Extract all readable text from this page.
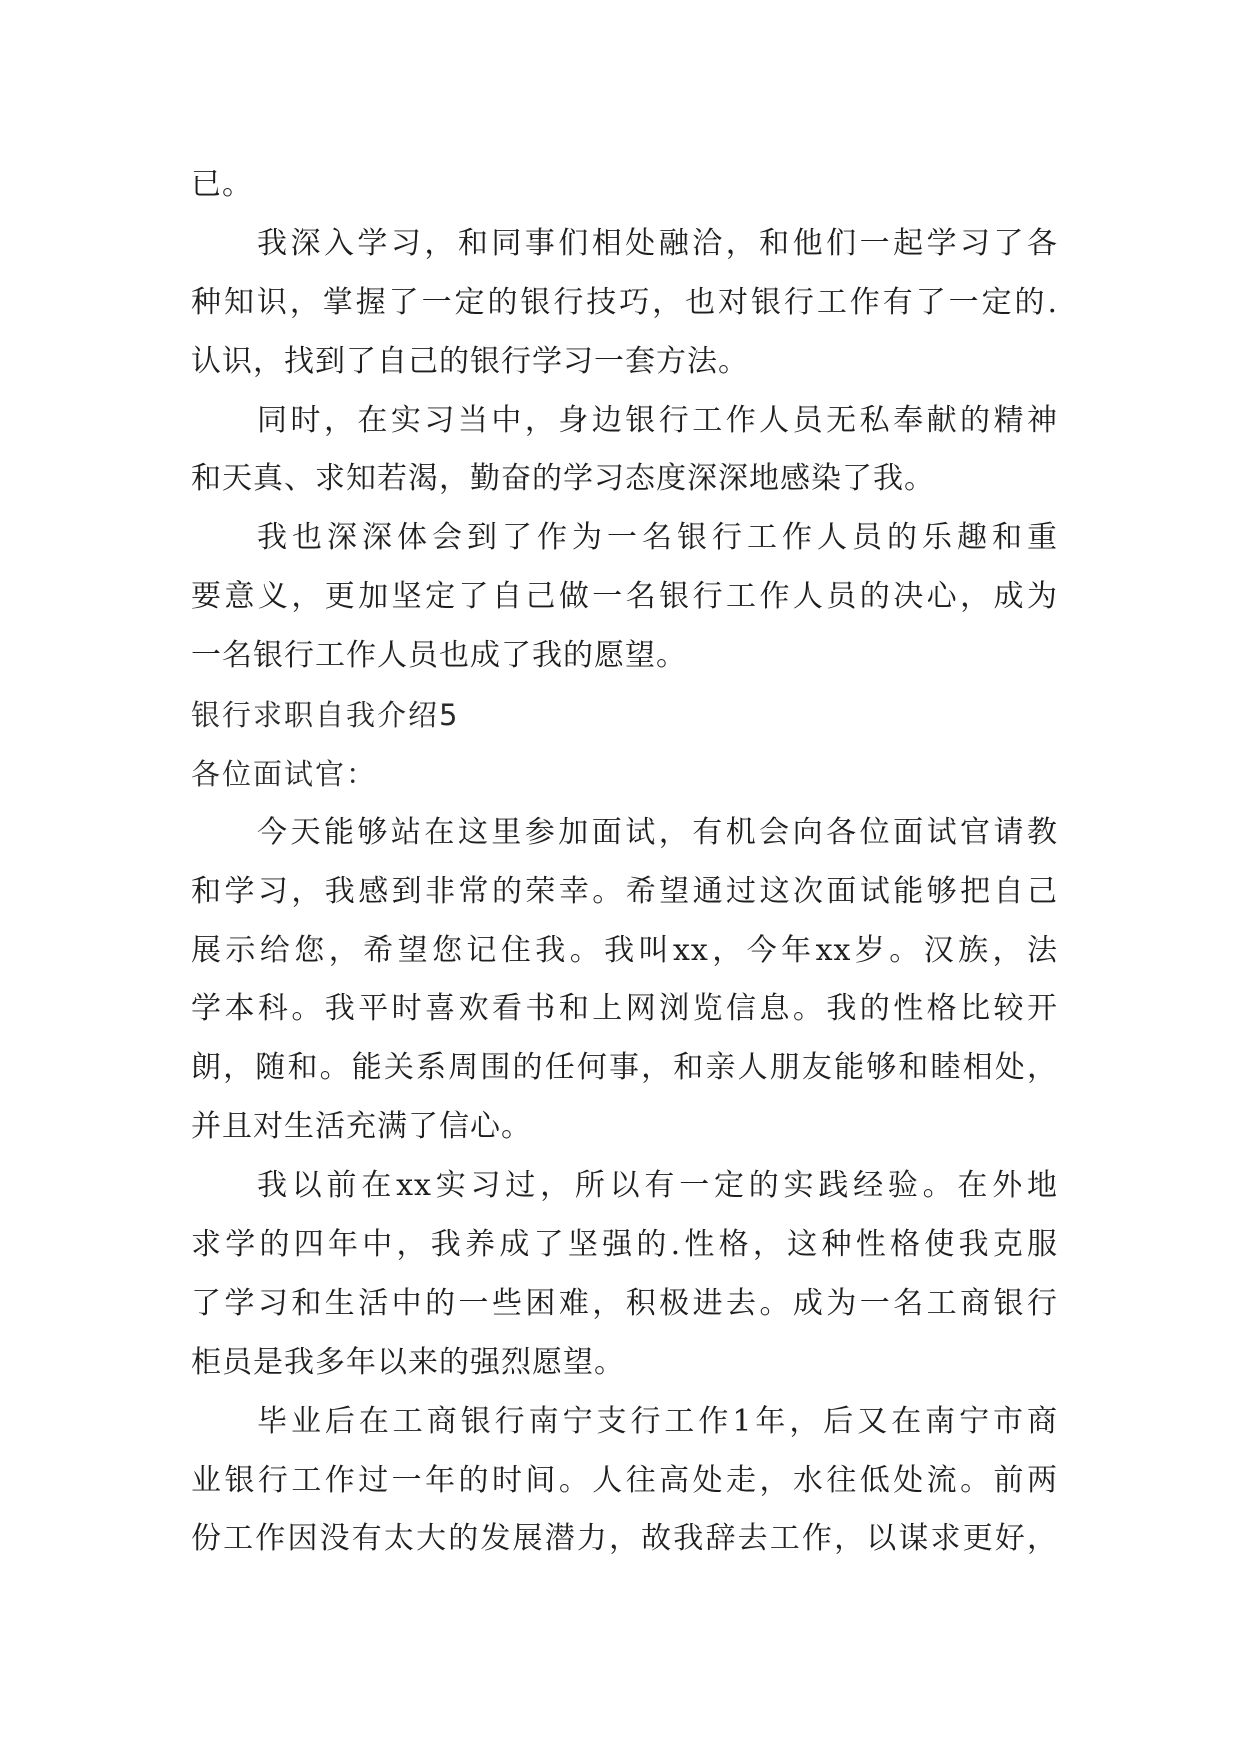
已。
我深入学习，和同事们相处融洽，和他们一起学习了各
种知识，掌握了一定的银行技巧，也对银行工作有了一定的.
认识，找到了自己的银行学习一套方法。
同时，在实习当中，身边银行工作人员无私奉献的精神
和天真、求知若渴，勤奋的学习态度深深地感染了我。
我也深深体会到了作为一名银行工作人员的乐趣和重
要意义，更加坚定了自己做一名银行工作人员的决心，成为
一名银行工作人员也成了我的愿望。
银行求职自我介绍5
各位面试官：
今天能够站在这里参加面试，有机会向各位面试官请教
和学习，我感到非常的荣幸。希望通过这次面试能够把自己
展示给您，希望您记住我。我叫xx，今年xx岁。汉族，法
学本科。我平时喜欢看书和上网浏览信息。我的性格比较开
朗，随和。能关系周围的任何事，和亲人朋友能够和睦相处，
并且对生活充满了信心。
我以前在xx实习过，所以有一定的实践经验。在外地
求学的四年中，我养成了坚强的.性格，这种性格使我克服
了学习和生活中的一些困难，积极进去。成为一名工商银行
柜员是我多年以来的强烈愿望。
毕业后在工商银行南宁支行工作1年，后又在南宁市商
业银行工作过一年的时间。人往高处走，水往低处流。前两
份工作因没有太大的发展潜力，故我辞去工作，以谋求更好，
